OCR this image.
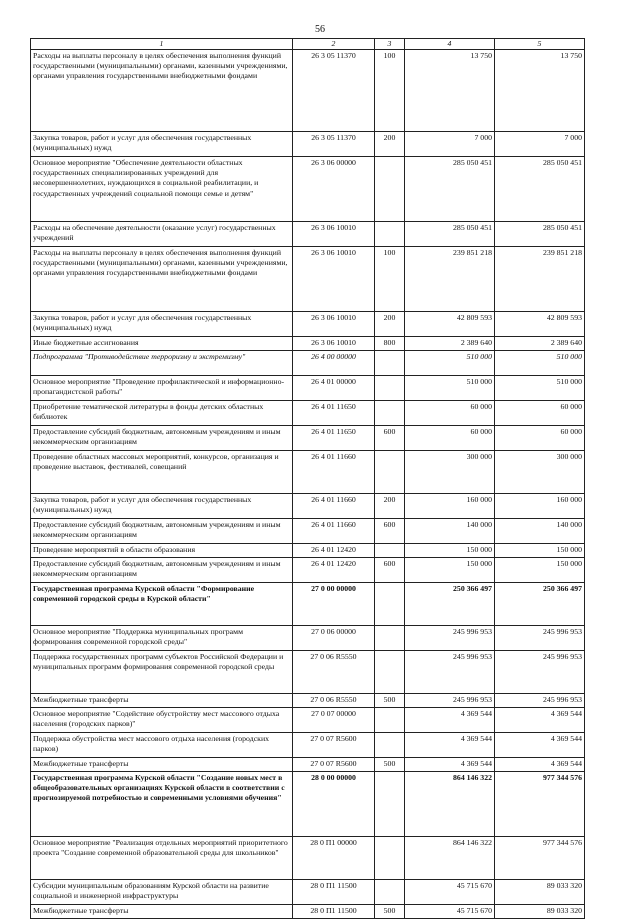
56
1	2	3	4	5
Расходы на выплаты персоналу в целях обеспечения выполнения функций государственными (муниципальными) органами, казенными учреждениями, органами управления государственными внебюджетными фондами	26 3 05 11370	100	13 750	13 750
Закупка товаров, работ и услуг для обеспечения государственных (муниципальных) нужд	26 3 05 11370	200	7 000	7 000
Основное мероприятие "Обеспечение деятельности областных государственных специализированных учреждений для несовершеннолетних, нуждающихся в социальной реабилитации, и государственных учреждений социальной помощи семье и детям"	26 3 06 00000		285 050 451	285 050 451
Расходы на обеспечение деятельности (оказание услуг) государственных учреждений	26 3 06 10010		285 050 451	285 050 451
Расходы на выплаты персоналу в целях обеспечения выполнения функций государственными (муниципальными) органами, казенными учреждениями, органами управления государственными внебюджетными фондами	26 3 06 10010	100	239 851 218	239 851 218
Закупка товаров, работ и услуг для обеспечения государственных (муниципальных) нужд	26 3 06 10010	200	42 809 593	42 809 593
Иные бюджетные ассигнования	26 3 06 10010	800	2 389 640	2 389 640
Подпрограмма "Противодействие терроризму и экстремизму"	26 4 00 00000		510 000	510 000
Основное мероприятие "Проведение профилактической и информационно-пропагандистской работы"	26 4 01 00000		510 000	510 000
Приобретение тематической литературы в фонды детских областных библиотек	26 4 01 11650		60 000	60 000
Предоставление субсидий бюджетным, автономным учреждениям и иным некоммерческим организациям	26 4 01 11650	600	60 000	60 000
Проведение областных массовых мероприятий, конкурсов, организация и проведение выставок, фестивалей, совещаний	26 4 01 11660		300 000	300 000
Закупка товаров, работ и услуг для обеспечения государственных (муниципальных) нужд	26 4 01 11660	200	160 000	160 000
Предоставление субсидий бюджетным, автономным учреждениям и иным некоммерческим организациям	26 4 01 11660	600	140 000	140 000
Проведение мероприятий в области образования	26 4 01 12420		150 000	150 000
Предоставление субсидий бюджетным, автономным учреждениям и иным некоммерческим организациям	26 4 01 12420	600	150 000	150 000
Государственная программа Курской области "Формирование современной городской среды в Курской области"	27 0 00 00000		250 366 497	250 366 497
Основное мероприятие "Поддержка муниципальных программ формирования современной городской среды"	27 0 06 00000		245 996 953	245 996 953
Поддержка государственных программ субъектов Российской Федерации и муниципальных программ формирования современной городской среды	27 0 06 R5550		245 996 953	245 996 953
Межбюджетные трансферты	27 0 06 R5550	500	245 996 953	245 996 953
Основное мероприятие "Содействие обустройству мест массового отдыха населения (городских парков)"	27 0 07 00000		4 369 544	4 369 544
Поддержка обустройства мест массового отдыха населения (городских парков)	27 0 07 R5600		4 369 544	4 369 544
Межбюджетные трансферты	27 0 07 R5600	500	4 369 544	4 369 544
Государственная программа Курской области "Создание новых мест в общеобразовательных организациях Курской области в соответствии с прогнозируемой потребностью и современными условиями обучения"	28 0 00 00000		864 146 322	977 344 576
Основное мероприятие "Реализация отдельных мероприятий приоритетного проекта "Создание современной образовательной среды для школьников"	28 0 П1 00000		864 146 322	977 344 576
Субсидии муниципальным образованиям Курской области на развитие социальной и инженерной инфраструктуры	28 0 П1 11500		45 715 670	89 033 320
Межбюджетные трансферты	28 0 П1 11500	500	45 715 670	89 033 320
